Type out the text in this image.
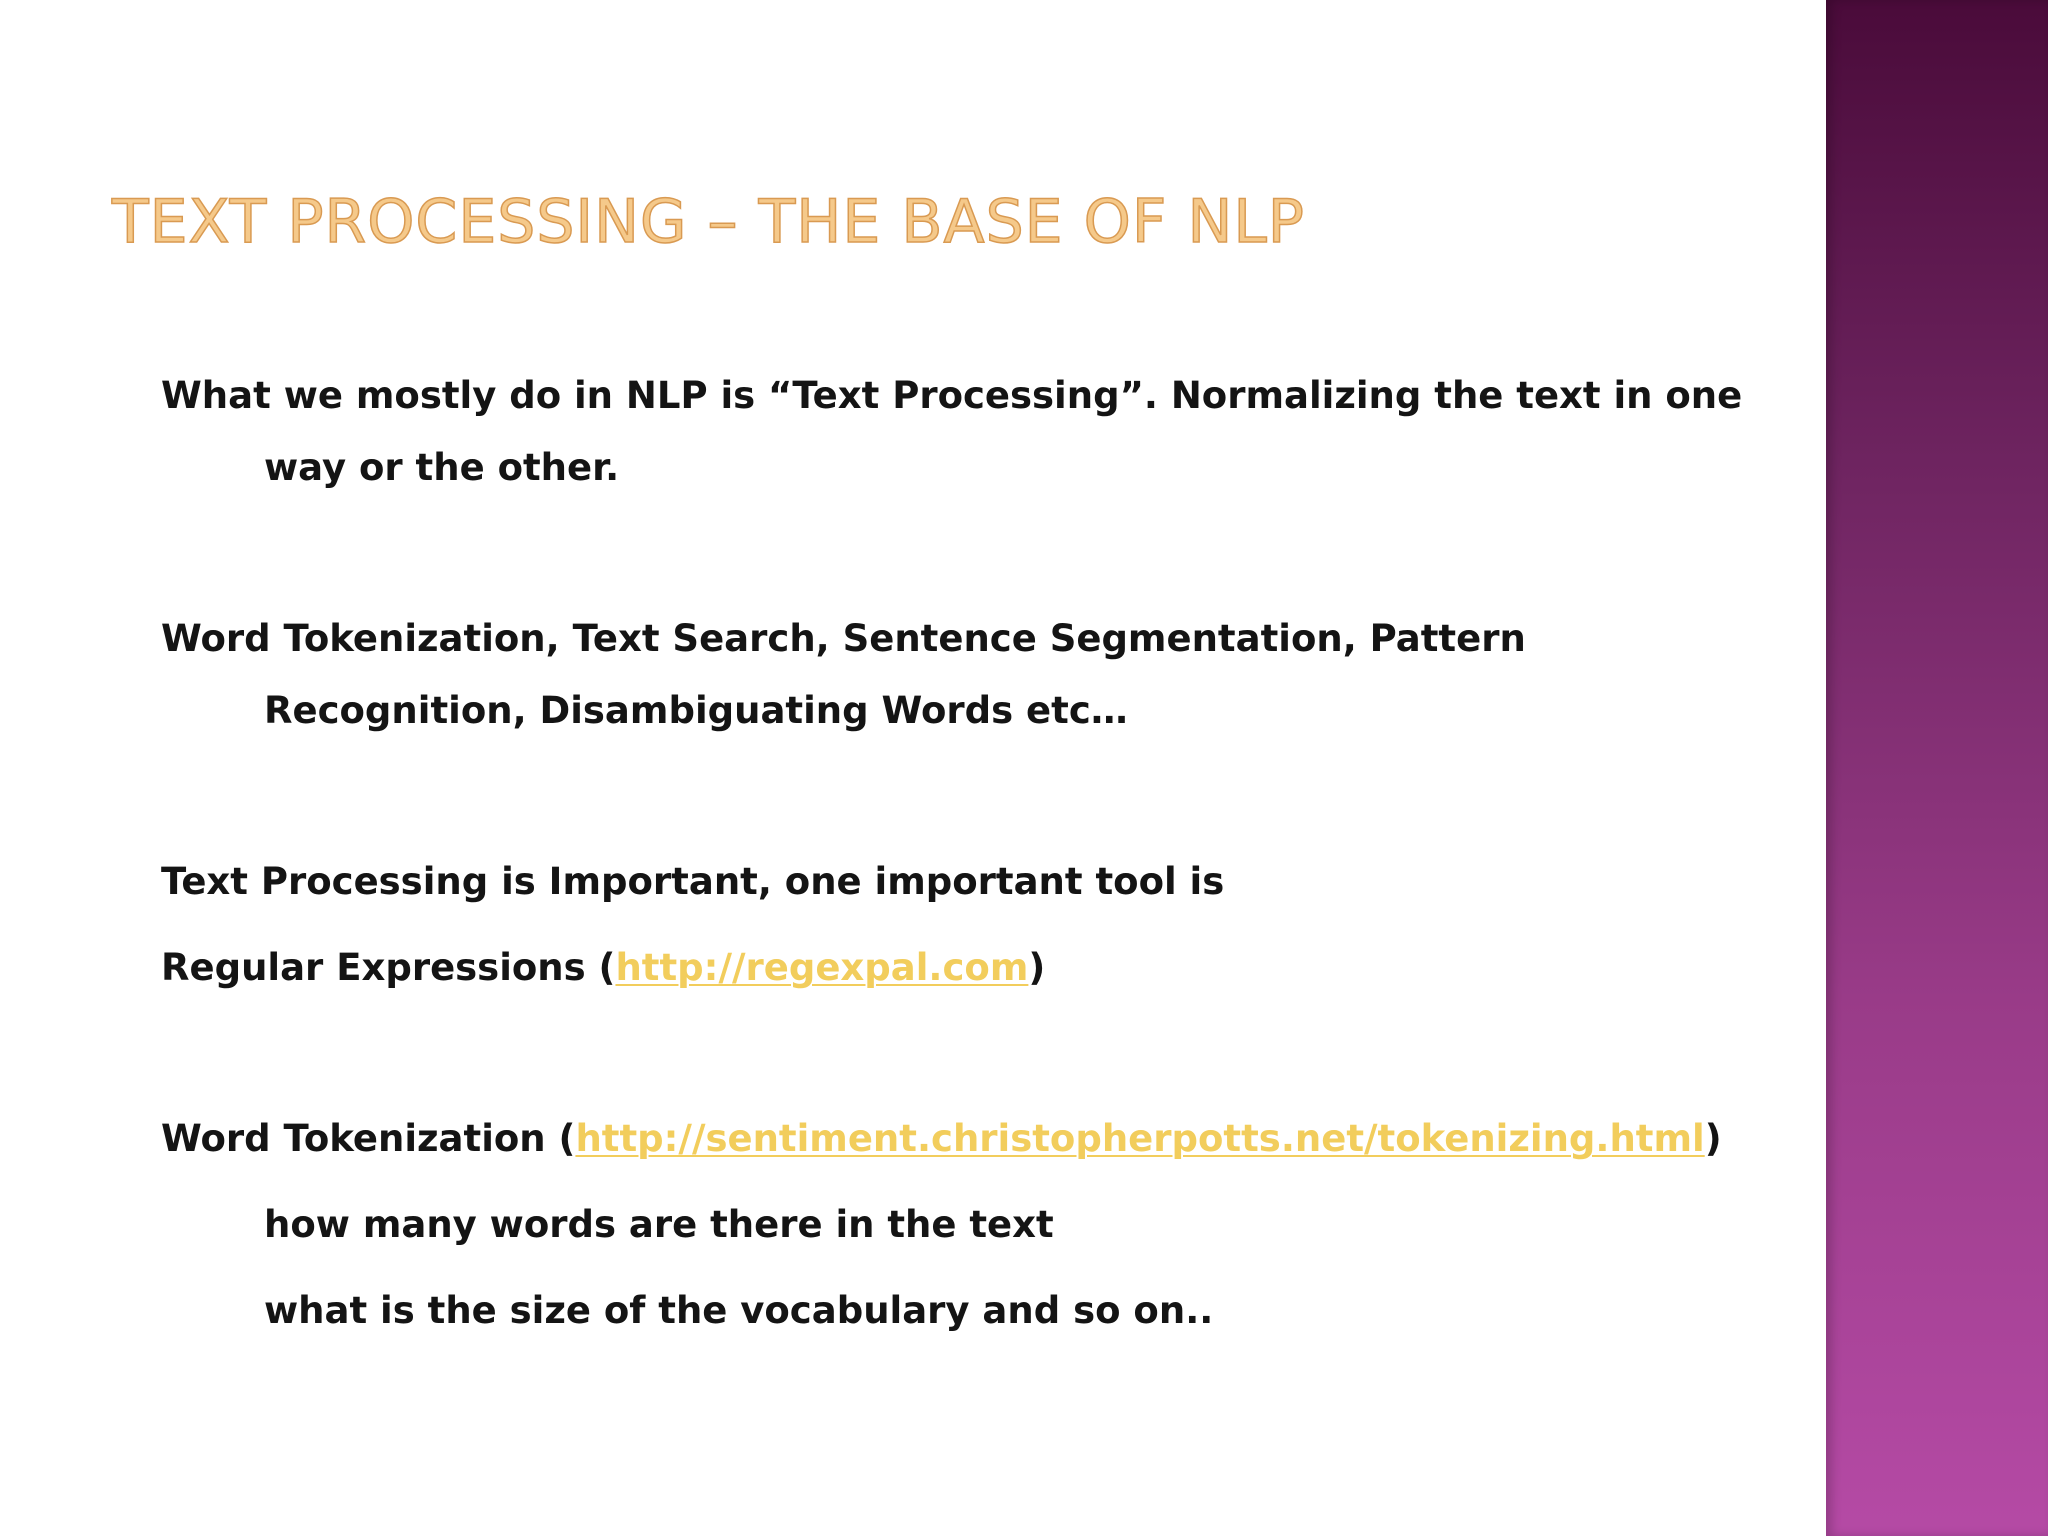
TEXT PROCESSING – THE BASE OF NLP

What we mostly do in NLP is “Text Processing”. Normalizing the text in one

way or the other.

Word Tokenization, Text Search, Sentence Segmentation, Pattern

Recognition, Disambiguating Words etc…

Text Processing is Important, one important tool is

Regular Expressions (http://regexpal.com)

Word Tokenization (http://sentiment.christopherpotts.net/tokenizing.html)

how many words are there in the text

what is the size of the vocabulary and so on..
